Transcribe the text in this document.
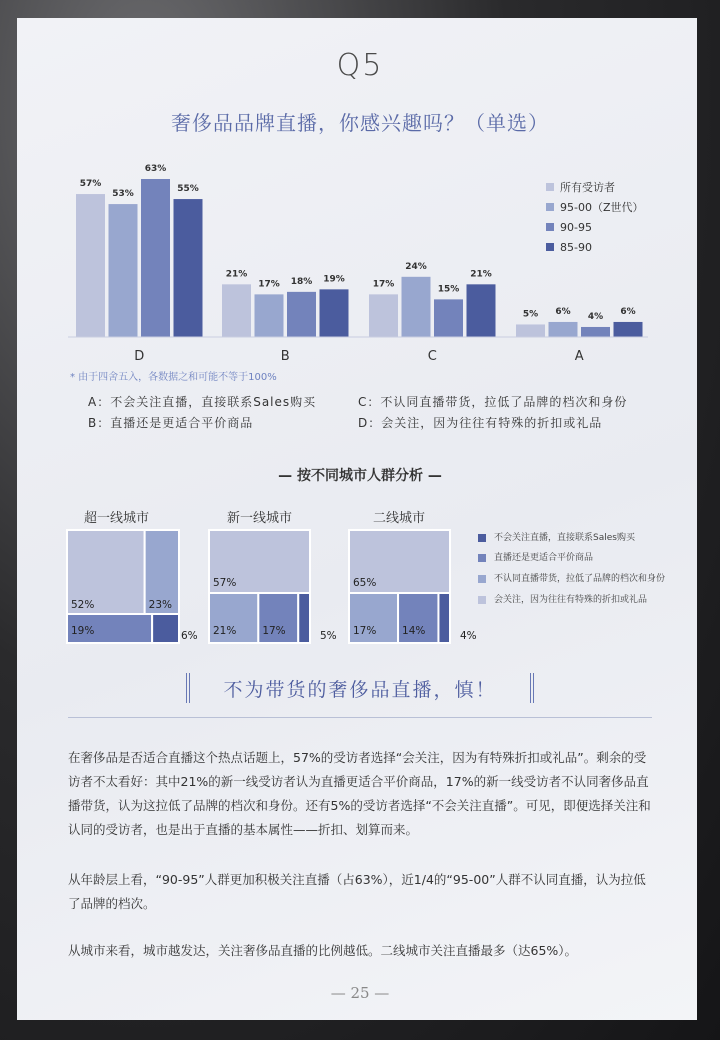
Q5
奢侈品品牌直播，你感兴趣吗？（单选）
57%
53%
63%
55%
21%
17% 18% 19%
17%
24%
15%
21%
5% 6%
4%
6%
D	B	C	A
所有受访者
95-00（Z世代）
90-95
85-90
* 由于四舍五入，各数据之和可能不等于100%
A：不会关注直播，直接联系Sales购买	C：不认同直播带货，拉低了品牌的档次和身份
B：直播还是更适合平价商品	D：会关注，因为往往有特殊的折扣或礼品
— 按不同城市人群分析 —
超一线城市	新一线城市	二线城市
52%	23%
19%	6%
57%
21% 17%	5%
65%
17% 14%	4%
不会关注直播，直接联系Sales购买
直播还是更适合平价商品
不认同直播带货，拉低了品牌的档次和身份
会关注，因为往往有特殊的折扣或礼品
不为带货的奢侈品直播，慎！
在奢侈品是否适合直播这个热点话题上，57%的受访者选择“会关注，因为有特殊折扣或礼品”。剩余的受访者不太看好：其中21%的新一线受访者认为直播更适合平价商品，17%的新一线受访者不认同奢侈品直播带货，认为这拉低了品牌的档次和身份。还有5%的受访者选择“不会关注直播”。可见，即便选择关注和认同的受访者，也是出于直播的基本属性——折扣、划算而来。
从年龄层上看，“90-95”人群更加积极关注直播（占63%），近1/4的“95-00”人群不认同直播，认为拉低了品牌的档次。
从城市来看，城市越发达，关注奢侈品直播的比例越低。二线城市关注直播最多（达65%）。
— 25 —
